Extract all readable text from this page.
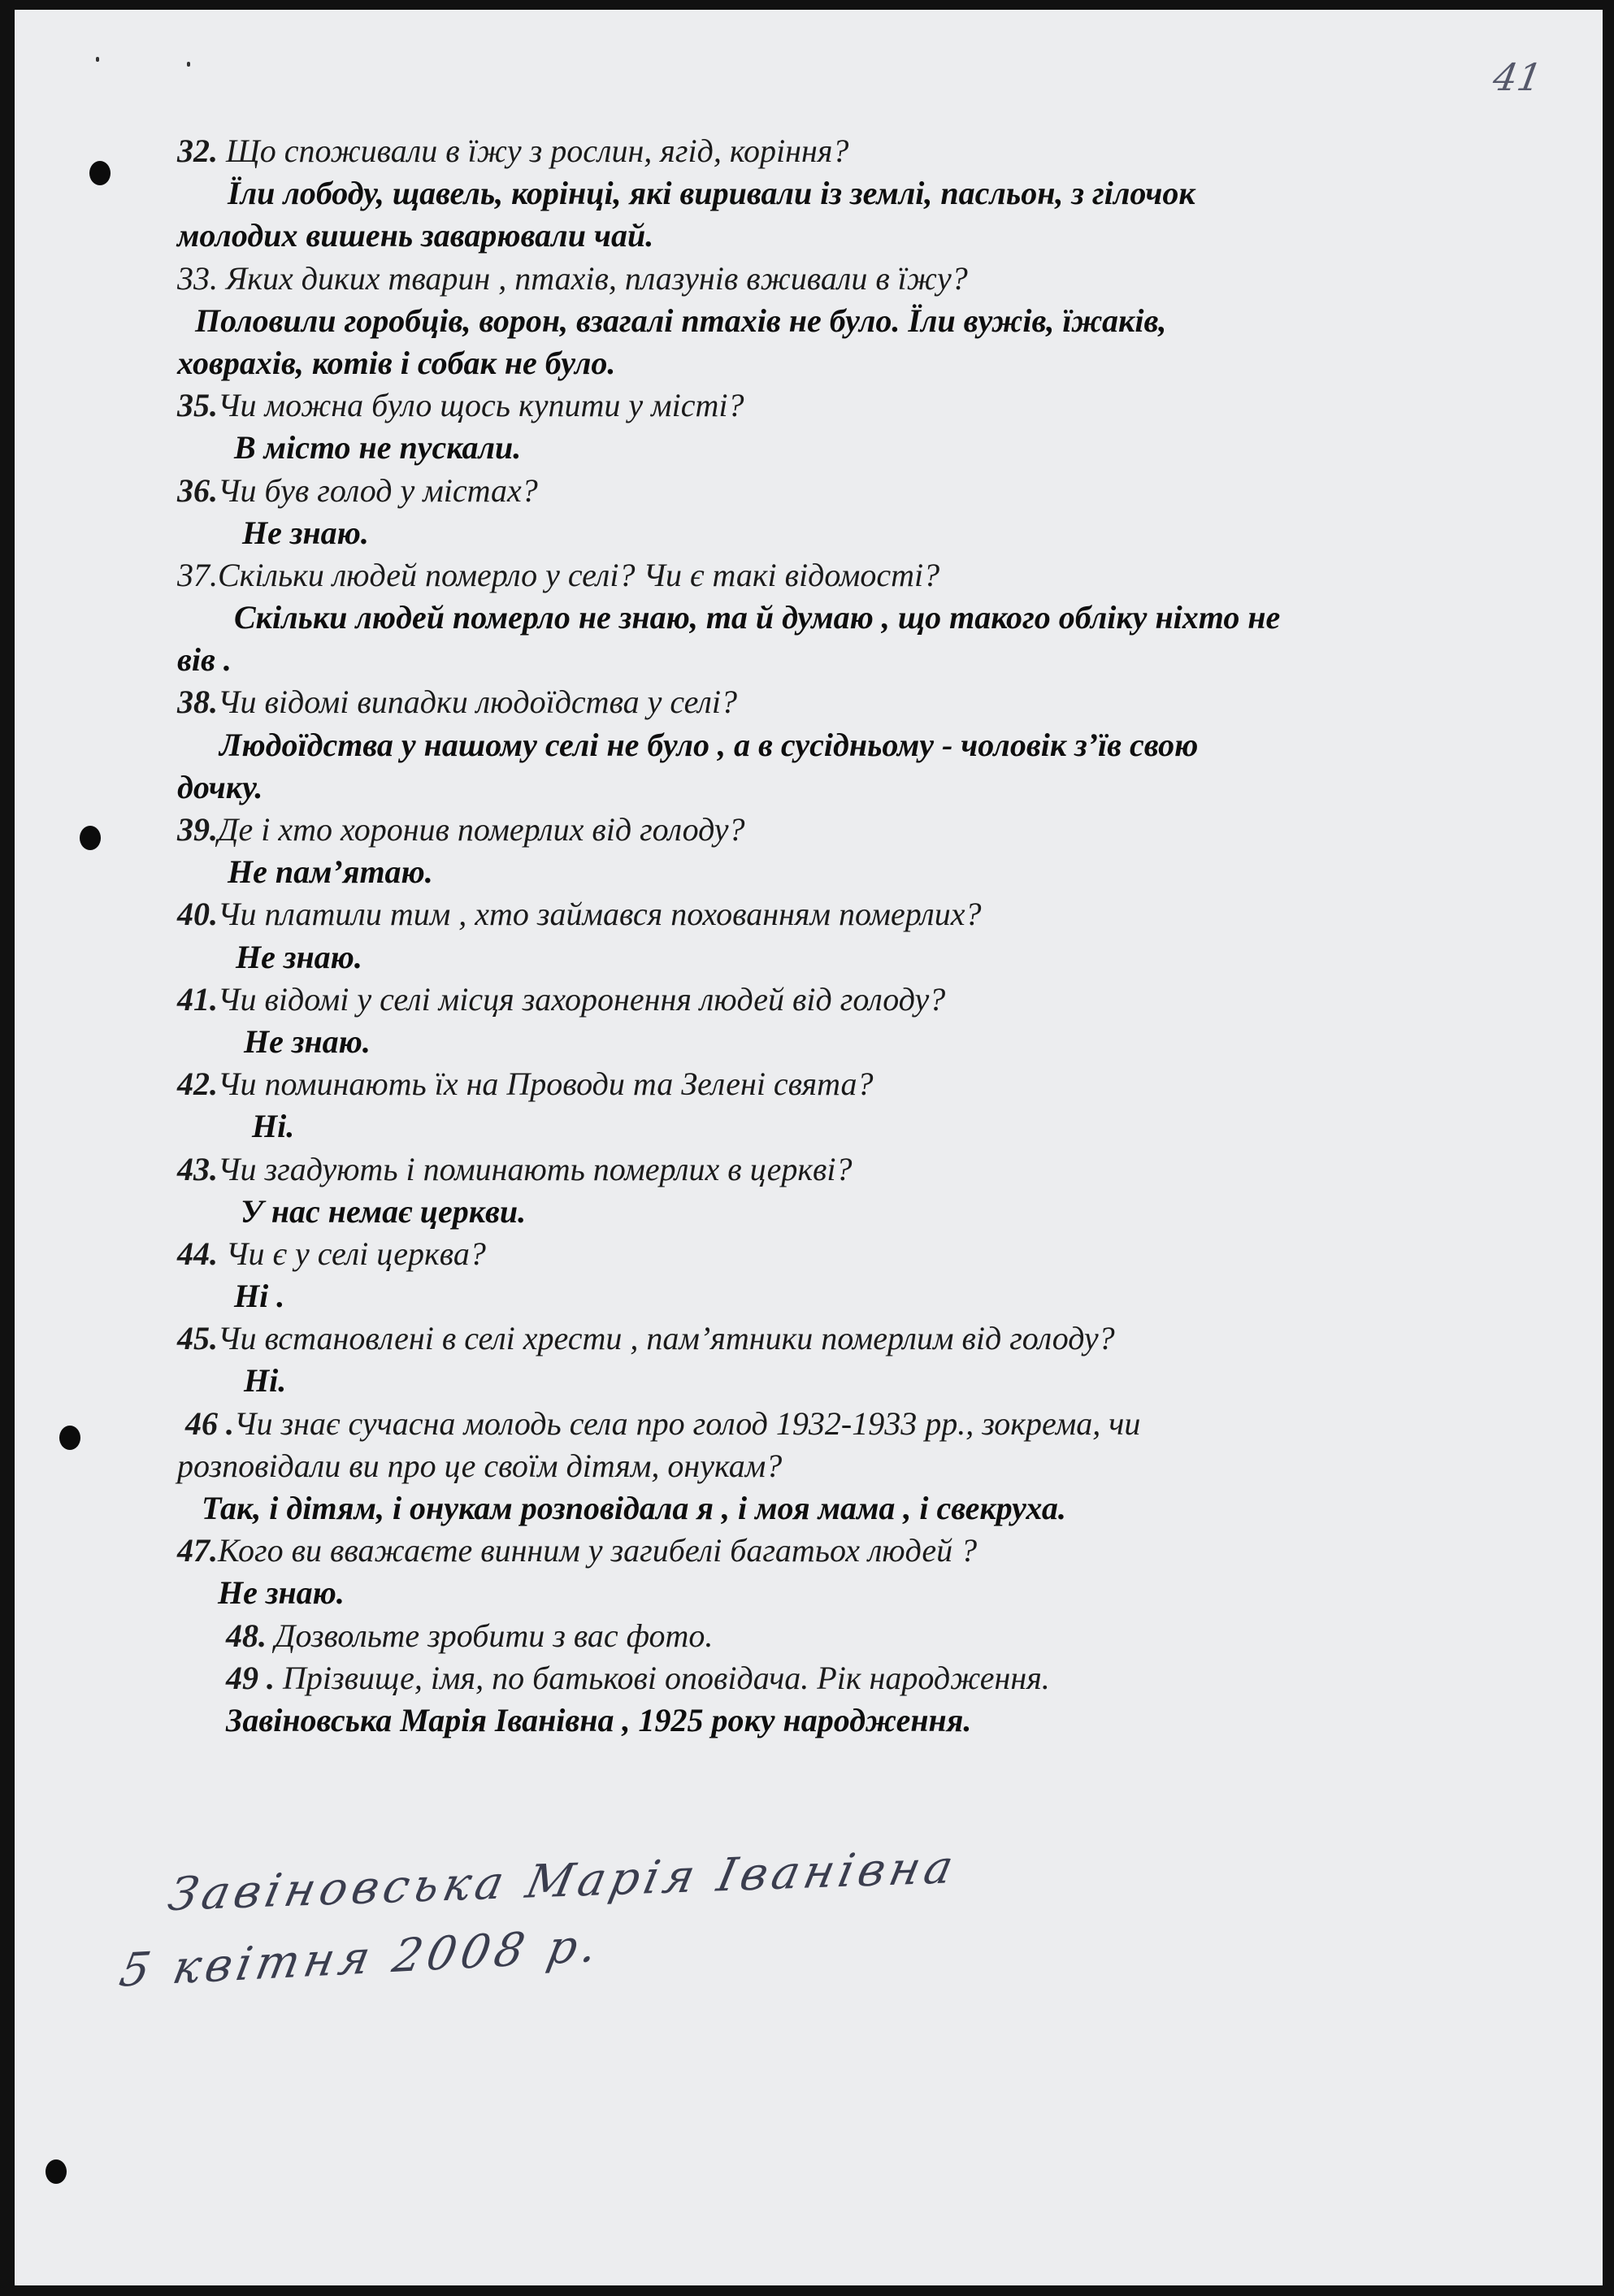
41
32. Що споживали в їжу з рослин, ягід, коріння?
Їли лободу, щавель, корінці, які виривали із землі, пасльон, з гілочок
молодих вишень заварювали чай.
33. Яких диких тварин , птахів, плазунів вживали в їжу?
Половили горобців, ворон, взагалі птахів не було. Їли вужів, їжаків,
ховрахів, котів і собак не було.
35.Чи можна було щось купити у місті?
В місто не пускали.
36.Чи був голод у містах?
Не знаю.
37.Скільки людей померло у селі? Чи є такі відомості?
Скільки людей померло не знаю, та й думаю , що такого обліку ніхто не
вів .
38.Чи відомі випадки людоїдства у селі?
Людоїдства у нашому селі не було , а в сусідньому - чоловік з’їв свою
дочку.
39.Де і хто хоронив померлих від голоду?
Не пам’ятаю.
40.Чи платили тим , хто займався похованням померлих?
Не знаю.
41.Чи відомі у селі місця захоронення людей від голоду?
Не знаю.
42.Чи поминають їх на Проводи та Зелені свята?
Ні.
43.Чи згадують і поминають померлих в церкві?
У нас немає церкви.
44. Чи є у селі церква?
Ні .
45.Чи встановлені в селі хрести , пам’ятники померлим від голоду?
Ні.
46 .Чи знає сучасна молодь села про голод 1932-1933 рр., зокрема, чи
розповідали ви про це своїм дітям, онукам?
Так, і дітям, і онукам розповідала я , і моя мама , і свекруха.
47.Кого ви вважаєте винним у загибелі багатьох людей ?
Не знаю.
48. Дозвольте зробити з вас фото.
49 . Прізвище, імя, по батькові оповідача. Рік народження.
Завіновська Марія Іванівна , 1925 року народження.
Завіновська Марія Іванівна
5 квітня 2008 р.
